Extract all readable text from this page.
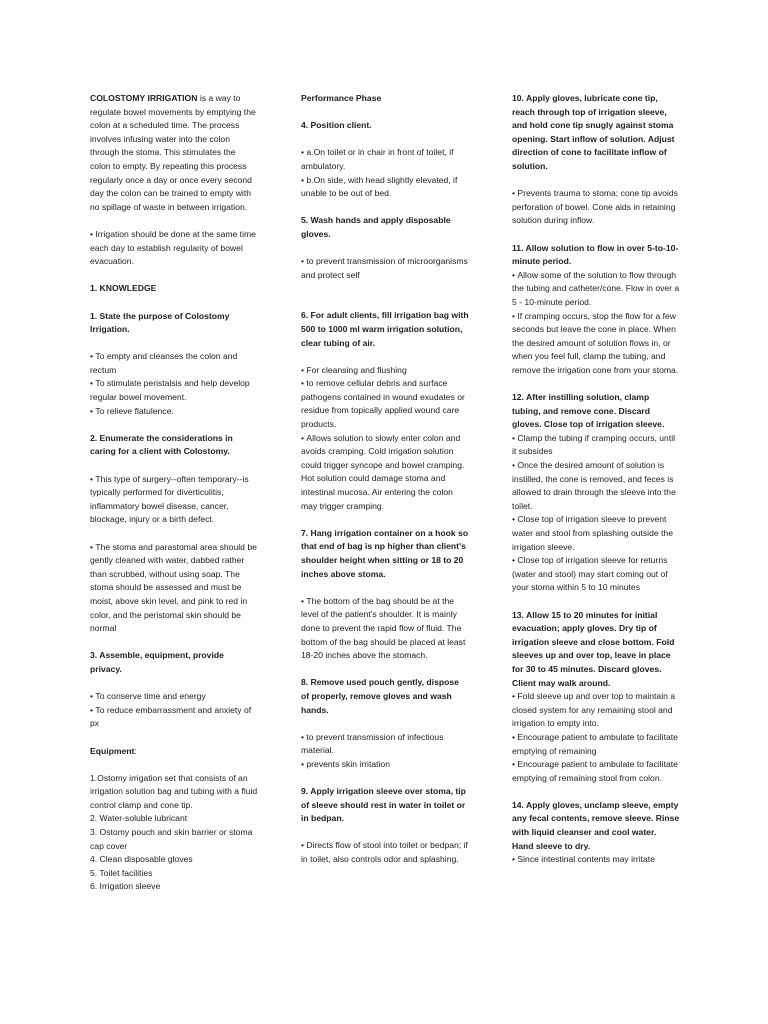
COLOSTOMY IRRIGATION is a way to regulate bowel movements by emptying the colon at a scheduled time. The process involves infusing water into the colon through the stoma. This stimulates the colon to empty. By repeating this process regularly once a day or once every second day the colon can be trained to empty with no spillage of waste in between irrigation.

• Irrigation should be done at the same time each day to establish regularity of bowel evacuation.

1. KNOWLEDGE

1. State the purpose of Colostomy Irrigation.

• To empty and cleanses the colon and rectum
• To stimulate peristalsis and help develop regular bowel movement.
• To relieve flatulence.

2. Enumerate the considerations in caring for a client with Colostomy.

• This type of surgery--often temporary--is typically performed for diverticulitis, inflammatory bowel disease, cancer, blockage, injury or a birth defect.
• The stoma and parastomal area should be gently cleaned with water, dabbed rather than scrubbed, without using soap. The stoma should be assessed and must be moist, above skin level, and pink to red in color, and the peristomal skin should be normal

3. Assemble, equipment, provide privacy.

• To conserve time and energy
• To reduce embarrassment and anxiety of px

Equipment:

1.Ostomy irrigation set that consists of an irrigation solution bag and tubing with a fluid control clamp and cone tip.
2. Water-soluble lubricant
3. Ostomy pouch and skin barrier or stoma cap cover
4. Clean disposable gloves
5. Toilet facilities
6. Irrigation sleeve

Performance Phase

4. Position client.

• a.On toilet or in chair in front of toilet, if ambulatory.
• b.On side, with head slightly elevated, if unable to be out of bed.

5. Wash hands and apply disposable gloves.

• to prevent transmission of microorganisms and protect self

6. For adult clients, fill irrigation bag with 500 to 1000 ml warm irrigation solution, clear tubing of air.

• For cleansing and flushing
• to remove cellular debris and surface pathogens contained in wound exudates or residue from topically applied wound care products.
• Allows solution to slowly enter colon and avoids cramping. Cold irrigation solution could trigger syncope and bowel cramping. Hot solution could damage stoma and intestinal mucosa. Air entering the colon may trigger cramping.

7. Hang irrigation container on a hook so that end of bag is np higher than client's shoulder height when sitting or 18 to 20 inches above stoma.

• The bottom of the bag should be at the level of the patient's shoulder. It is mainly done to prevent the rapid flow of fluid. The bottom of the bag should be placed at least 18-20 inches above the stomach.

8. Remove used pouch gently, dispose of properly, remove gloves and wash hands.

• to prevent transmission of infectious material.
• prevents skin irritation

9. Apply irrigation sleeve over stoma, tip of sleeve should rest in water in toilet or in bedpan.

• Directs flow of stool into toilet or bedpan; if in toilet, also controls odor and splashing.

10. Apply gloves, lubricate cone tip, reach through top of irrigation sleeve, and hold cone tip snugly against stoma opening. Start inflow of solution. Adjust direction of cone to facilitate inflow of solution.

• Prevents trauma to stoma; cone tip avoids perforation of bowel. Cone aids in retaining solution during inflow.

11. Allow solution to flow in over 5-to-10-minute period.

• Allow some of the solution to flow through the tubing and catheter/cone. Flow in over a 5 - 10-minute period.
• If cramping occurs, stop the flow for a few seconds but leave the cone in place. When the desired amount of solution flows in, or when you feel full, clamp the tubing, and remove the irrigation cone from your stoma.

12. After instilling solution, clamp tubing, and remove cone. Discard gloves. Close top of irrigation sleeve.

• Clamp the tubing if cramping occurs, until it subsides
• Once the desired amount of solution is instilled, the cone is removed, and feces is allowed to drain through the sleeve into the toilet.
• Close top of irrigation sleeve to prevent water and stool from splashing outside the irrigation sleeve.
• Close top of irrigation sleeve for returns (water and stool) may start coming out of your stoma within 5 to 10 minutes

13. Allow 15 to 20 minutes for initial evacuation; apply gloves. Dry tip of irrigation sleeve and close bottom. Fold sleeves up and over top, leave in place for 30 to 45 minutes. Discard gloves. Client may walk around.

• Fold sleeve up and over top to maintain a closed system for any remaining stool and irrigation to empty into.
• Encourage patient to ambulate to facilitate emptying of remaining
• Encourage patient to ambulate to facilitate emptying of remaining stool from colon.

14. Apply gloves, unclamp sleeve, empty any fecal contents, remove sleeve. Rinse with liquid cleanser and cool water. Hand sleeve to dry.

• Since intestinal contents may irritate
